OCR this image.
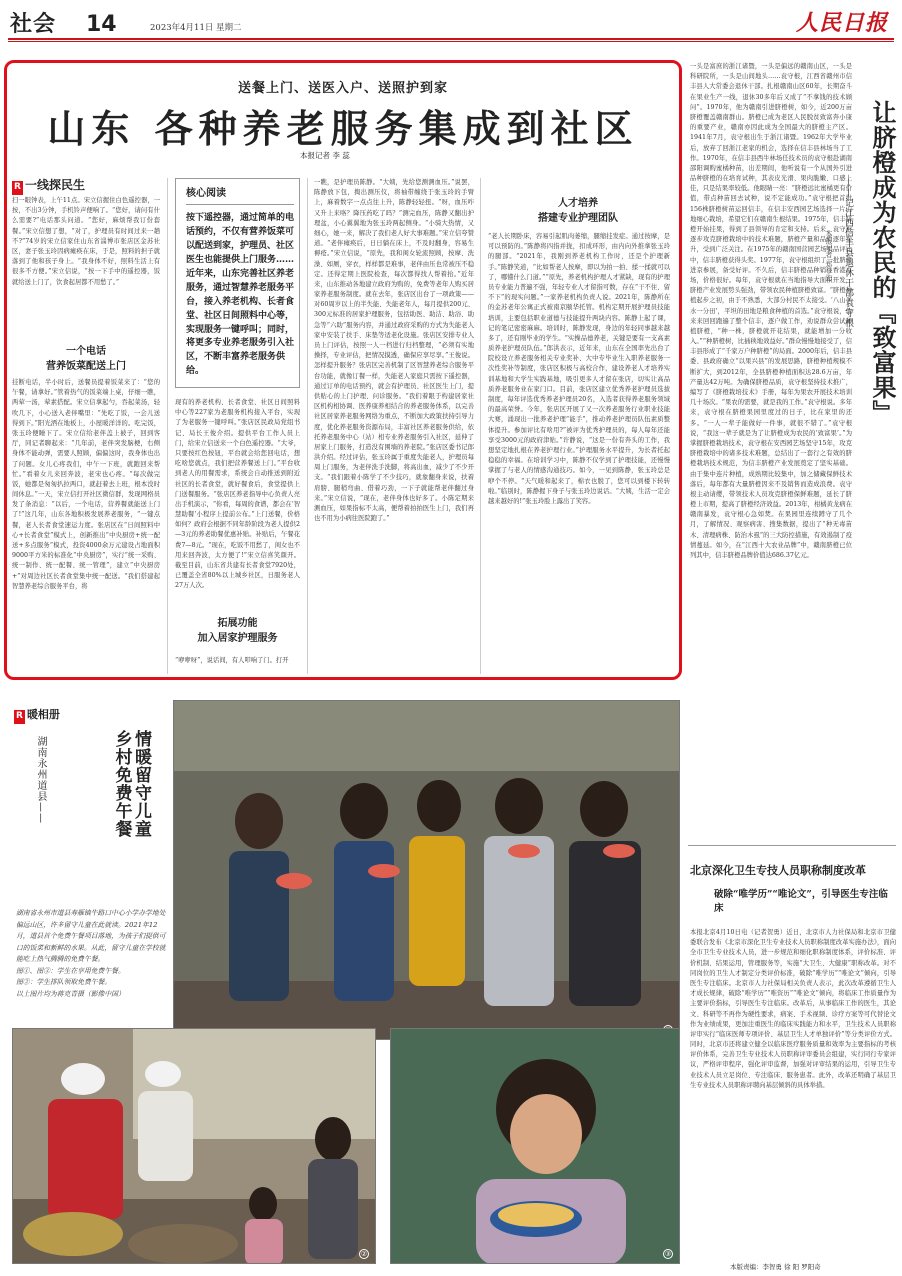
社会 14	2023年4月11日 星期二	人民日报
送餐上门、送医入户、送照护到家
山东 各种养老服务集成到社区
本报记者 李 蕊
R 一线探民生
扫一眼钟表，上午11点。宋立信握住白色遥控器，一按，不出3分钟，手机铃声便响了。“您好，请问有什么需要?”电话那头问道。“您好，麻烦帮我订份套餐。”宋立信想了想，“对了，护理员有时间过来一趟不?”74岁的宋立信家住山东省淄博市张店区金苏社区，妻子张玉玲因病瘫痪在床，于是，照料的担子就落到了他和孩子身上。“我身体不好，照料生活上有很多不方便。”宋立信说，“按一下手中的遥控器，饭就给送上门了，饮食起居都不用愁了。”
一个电话
营养饭菜配送上门
挂断电话，半小时后，送餐员提着饭菜来了：“您的午餐，请拿好。”管着热气的饭菜端上桌，仔细一瞧，两荤一汤，荤素搭配。宋立信拿起勺，吞起菜汤，轻吹几下，小心送入老伴嘴里：“先吃了饭，一会儿送得到下。”阳光洒在地板上，小屋暖洋洋的。吃完饭，张玉玲便睡下了。宋立信给老伴盖上被子，回到客厅，同记者聊起来：“几年前，老伴突发脑梗，右侧身体不能动弹，需要人照顾，偏偏这时，我身体也出了问题。女儿心疼我们，中午一下班，就跑回来帮忙。”看着女儿来回奔波，老宋也心疼。“每次做完饭，她都是匆匆扒拉两口，就赶着去上班，根本没时间休息。”一天，宋立信打开社区微信群，发现网格员发了条消息：“以后，一个电话，营养餐就能送上门了!”这几年，山东各地积极发展养老服务，“一键点餐，老人长者食堂速运力度。张店区在“日间照料中心+长者食堂”模式上，创新推出“中央厨房+统一配送+多点服务”模式，投资4000余万元建设占地面积9000平方米的标准化“中央厨房”，实行“统一采购、统一制作、统一配餐、统一管理”，建立“中央厨房+”对周边社区长者食堂集中统一配送。“我们搭建起智慧养老综合服务平台，将
核心阅读
按下遥控器，通过简单的电话预约，不仅有营养饭菜可以配送到家，护理员、社区医生也能提供上门服务……近年来，山东完善社区养老服务，通过智慧养老服务平台，接入养老机构、长者食堂、社区日间照料中心等，实现服务一键呼叫；同时，将更多专业养老服务引入社区，不断丰富养老服务供给。
现有的养老机构、长者食堂、社区日间照料中心等227家为老服务机构接入平台，实现了为老服务一键呼叫。”张店区民政局党组书记、局长王俊介绍。提供平台工作人员上门，给宋立信送来一个白色遥控器。“大爷，只要按红色按钮，平台就会给您回电话，想吃啥您就点，我们把营养餐送上门。”平台收到老人的用餐需求，系统会自动推送到附近社区的长者食堂，就好餐食后，食堂提供上门送餐服务。“张店区养老指导中心负责人亮出手机演示，“你看，每周的食谱，都会在‘智慧助餐’小程序上提前公布。”上门送餐，价格如何？政府会根据不同年龄阶段为老人提供2—3元的养老助餐优惠补贴。补贴后，午餐花费7—8元。“现在，吃饭不用愁了，闺女也不用来回奔波，太方便了!”宋立信喜笑颜开。截至目前，山东省共建有长者食堂7920处，已覆盖全省80%以上城乡社区，日服务老人27万人次。
拓展功能
加入居家护理服务
“咿咿呀”，说话间，有人叩响了门。打开
一瞧，是护理员陈静。“大姨，先给您测测血压。”说罢，陈静放下包，掏出测压仪，将袖带缠绕于张玉玲的手臂上，麻着数字一点点往上升，陈静轻轻扭。“呀，血压咋又升上来咯？降压药吃了吗？”测完血压，陈静又翻出护理盆，小心翼翼地为张玉玲两起侧身。“小骑大热情，又细心，她一来，解决了我们老人好大事难题。”宋立信夸赞道。“老伴瘫痪后，日日躺在床上，不及时翻身，容易生褥疮。”宋立信说，“原先，我和闺女轮流照顾，按摩、洗澡、如厕，穿衣，样样都是难事，老伴由压也常被压不稳定。还得定期上医院检查，每次都得找人帮着抬。”近年来，山东推动各地建立政府为购的，免费等老年人购买居家养老服务制度。就在去年，张店区出台了一项政策——对60周岁以上的半失能、失能老年人，每月提供200元、300元标准的居家护理服务，包括助医、助洁、助浴、助急等“六助”服务内容，并通过政府采购的方式为失能老人家中安装了扶手、床垫等适老化设施。张店区安排专业人员上门评估，按照一人一档进行归档整理，“必须有实地操择，专业评估，把情况摸透，确保应享尽享。”王俊说。怎样提升服务？张店区完善机制了区智慧养老综合服务平台功能，就像订餐一样，失能老人家庭只需按下遥控器，通过订单的电话预约，就会有护理员、社区医生上门，提供贴心的上门护理、问诊服务。“我们着眼于构建居家社区机构相协调、医养康养相结合的养老服务体系，以完善社区居家养老服务网络为重点，不断加大政策扶持引导力度，优化养老服务资源布局，丰富社区养老服务供给，依托养老服务中心（站）相专业养老服务引入社区，延伸了居家上门服务，打造没有围墙的养老院。”张店区委书记郎洪介绍。经过评估，张玉玲属于重度失能老人，护理员每周上门服务，为老伴洗手洗脚，将高出血，减少了不少开支。“我们跟着小陈学了不少技巧，就象翻身来说，扶着肩膀、腿稍弯曲、借着巧劲，一下子就能帮老伴翻过身来。”宋立信说，“现在，老伴身体也好多了。小陈定期来测血压，如果指标不太高，便帮着拍拍医生上门，我们再也不用为小病往医院跑了。”
人才培养
搭建专业护理团队
“老人长期卧床，容易引起肌肉萎缩，腿缩挂发症。通过按摩，是可以预防的。”陈静将四指并拢，扣成环形，由内向外推拿张玉玲的腿部。“2021年，我刚到养老机构工作时，还是个护理新手。”陈静笑道，“比如帮老人按摩，即以为拍一拍、揉一揉就可以了，哪懂什么门道。”“原先，养老机构护理人才紧缺，现有的护理员专业能力普遍不强，年轻专业人才留指可数，存在“干不住、留不下”的现实问题。”一家养老机构负责人说。2021年，陈静所在的金苏老年公寓正式被南京颐华托管。机构定期开展护理员技能培训，主要包括职业道德与技能提升两块内容。陈静上起了课，记的笔记密密麻麻。培训时，陈静发现，身边的年轻同事越来越多了，还有刚毕业的学生。“实操品德养老，关键是要有一支高素质养老护理员队伍。”郎洪表示，近年来，山东在全国率先出台了院校设立养老服务相关专业奖补、大中专毕业生入职养老服务一次性奖补等制度，张店区积极与高校合作，建设养老人才培养实训基地和大学生实践基地，吸引更多人才留在张店，切实让高品质养老服务业在家门口。目前，张店区建立优秀养老护理员选拔制度，每年评选优秀养老护理员20名，入选者获得养老服务领域的最高荣誉。今年，张店区开展了又一次养老服务行业职业技能大赛，涌现出一批养老护理“能手”，推动养老护理员队伍素质整体提升。参加评比有啥用?”被评为优秀护理员的，每人每年还能享受3000元的政府津贴。”许静说，“这是一份有奔头的工作，我想坚定地扎根在养老护理行业。”护理服务水平提升，为长者托起稳稳的幸福。在培训学习中，陈静不仅学到了护理技能，还慢慢掌握了与老人的情感沟通技巧。如今，一见到陈静，张玉玲总是咿个不停。“天气暖和起来了，棉衣也脱了，您可以到楼下转转啦。”临别时，陈静握下身子与张玉玲边说话。“大姨，生活一定会越来越好的!”张玉玲脸上露出了笑容。
一头是富庶的浙江诸暨，一头是偏远的赣南山区，一头是科研院所，一头是山间地头……袁守根，江西省赣州市信丰县人大常委会退休干部。扎根赣南山区60年，长期奋斗在果业生产一线，退休30多年后又成了“不拿钱的技术顾问”。1970年，他为赣南引进脐橙树，如今，近200万亩脐橙覆盖赣南群山。脐橙已成为老区人民脱贫致富奔小康的重要产业，赣南亦因此成为全国最大的脐橙主产区。1941年7月，袁守根出生于浙江诸暨。1962年大学毕业后，放弃了回浙江老家的机会，选择在信丰县林场当了工作。1970年，在信丰县西牛林场任技术员的袁守根赴湖南邵阳调购蜜橘种苗，出差期间，他听说有一个从国外引进品种脐橙的在培育试种，其表皮光滑、果肉脆嫩、口感上佳，只是结果率较低。他眼睛一亮：“脐橙远比蜜橘更有价值，带点种苗回去试种，说不定能成功。”袁守根把首批156株脐橙树苗运回信丰，在信丰安西园艺场选择一片山地细心栽培，希望它们在赣南生根结果。1975年，信丰脐橙开始挂果，得到了县领导的肯定和支持。后来，袁守根逐步攻克脐橙栽培中的技术难题，脐橙产量和品质逐年提升，受到广泛关注。在1975年的赣南国营园艺场果品评比中，信丰脐橙获得头奖。1977年，袁守根组织了一批脐橙进京参展，备受好评。不久后，信丰脐橙品种销往香港市场，价格很好。每年，袁守根就在当地指导大面积开发，脐橙产业发展势头强劲，带领农民种植脐橙致富。“脐橙种植起步之初，由于不熟悉，大部分村民不太接受。‘八山半水一分田’，平坦的田地是粮食种植的首选。”袁守根说，他来来回回跑遍了整个信丰，逐户做工作，劝说群众尝试种植脐橙，“种一株，脐橙就开花结果，就能增加一分收入。”“种脐橙树，比插秧地效益好。”群众慢慢地接受了，信丰县形成了“千家万户种脐橙”的局面。2000年后，信丰县委、县政府确立“以果兴县”的发展思路，脐橙种植规模不断扩大，到2012年，全县脐橙种植面积达28.6万亩，年产量达42万吨。为确保脐橙品质，袁守根坚持技术推广，编写了《脐橙栽培技术》手册，每年为果农开展技术培训几十场次。“果农的需要，就是我的工作。”袁守根说。多年来，袁守根在脐橙果园里度过的日子，比在家里的还多。“一人一辈子能做好一件事，就很不错了。”袁守根说，“我这一辈子就是为了让脐橙成为农民的‘致富果’。”为掌握脐橙栽培技术，袁守根在安西园艺场坚守15年，攻克脐橙栽培中的诸多技术难题，总结出了一套行之有效的脐橙栽培技术规范，为信丰脐橙产业发展奠定了坚实基础。由于集中连片种植，成熟期比较集中，加之储藏保鲜技术落后，每年都有大量脐橙因来不及销售而造成浪费。袁守根主动请缨，带领技术人员攻克脐橙保鲜难题，延长了脐橙上市期，提高了脐橙经济效益。2013年，柑橘黄龙病在赣南暴发，袁守根心急如焚。在果园里连续蹲守了几个月，了解情况、观察病害、搜集数据，提出了“种无毒苗木、清理病株、防治木虱”的三大防控措施，有效遏制了疫情蔓延。如今，在“江西十大农业品牌”中，赣南脐橙已位列其中，信丰脐橙品牌价值达686.37亿元。
让脐橙成为农民的『致富果』
——记江西信丰县退休干部袁守根
本报记者 郑少忠
北京深化卫生专技人员职称制度改革
破除“唯学历”“唯论文”，引导医生专注临床
本报北京4月10日电（记者贺勇）近日，北京市人力社保局和北京市卫健委联合发布《北京市深化卫生专业技术人员职称制度改革实施办法》，面向全市卫生专业技术人员，进一步规范和细化职称制度体系，评价标准、评价机制、结果运用，管理服务等，实施“大卫生、大健康”职称改革。对不同岗位的卫生人才制定分类评价标准，破除“唯学历”“唯论文”倾向，引导医生专注临床。北京市人力社保局相关负责人表示，此次改革遵循卫生人才成长规律，破除“唯学历”“唯资历”“唯论文”倾向，将临床工作质量作为主要评价指标，引导医生专注临床。改革后，从事临床工作的医生，其论文、科研等不再作为硬性要求，病案、手术视频、诊疗方案等可代替论文作为业绩成果，更加注重医生的临床实践能力和水平，卫生技术人员职称评审实行“临床医师专项评价、基层卫生人才单独评价”等分类评价方式。同时，北京市还将建立健全以临床医疗服务质量和效率为主要指标的考核评价体系，完善卫生专业技术人员职称评审委员会组建，实行同行专家评议，严格评审程序，强化评审监督，加强对评审结果的运用，引导卫生专业技术人员立足岗位、专注临床、服务患者。此外，改革还明确了基层卫生专业技术人员职称评聘向基层倾斜的具体举措。
本版责编：李智勇 徐 阳 罗阳奇
R 暖相册
湖南永州道县——	情暖留守儿童
乡村免费午餐
湖南省永州市道县寿雁镇牛路口中心小学办学地处偏远山区，许多留守儿童在此就读。2021年12月，道县首个免费午餐项目落地，为孩子们提供可口的饭菜和新鲜的水果。从此，留守儿童在学校就能吃上热气腾腾的免费午餐。
图①、图③：学生在享用免费午餐。
图②：学生排队领取免费午餐。
以上图片均为蒋克青摄（影像中国）
②	③
